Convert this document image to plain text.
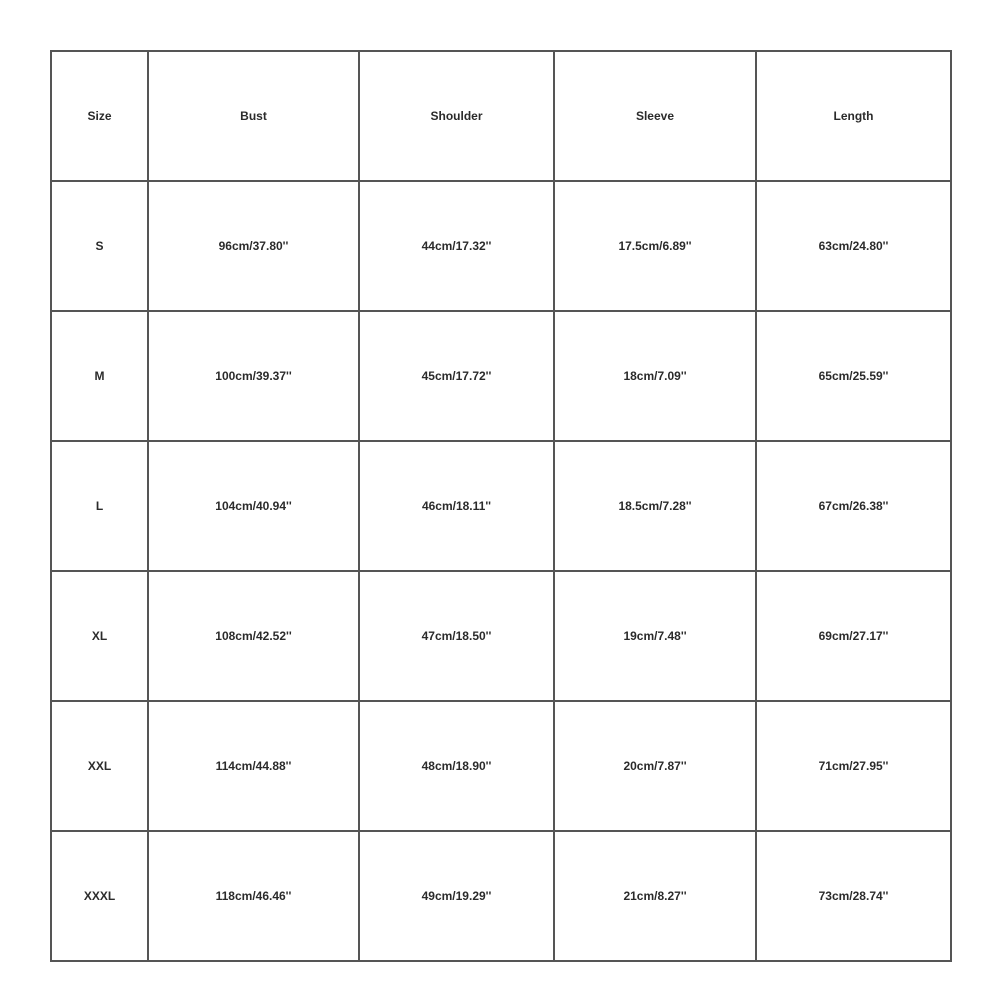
Size	Bust	Shoulder	Sleeve	Length
S	96cm/37.80''	44cm/17.32''	17.5cm/6.89''	63cm/24.80''
M	100cm/39.37''	45cm/17.72''	18cm/7.09''	65cm/25.59''
L	104cm/40.94''	46cm/18.11''	18.5cm/7.28''	67cm/26.38''
XL	108cm/42.52''	47cm/18.50''	19cm/7.48''	69cm/27.17''
XXL	114cm/44.88''	48cm/18.90''	20cm/7.87''	71cm/27.95''
XXXL	118cm/46.46''	49cm/19.29''	21cm/8.27''	73cm/28.74''
